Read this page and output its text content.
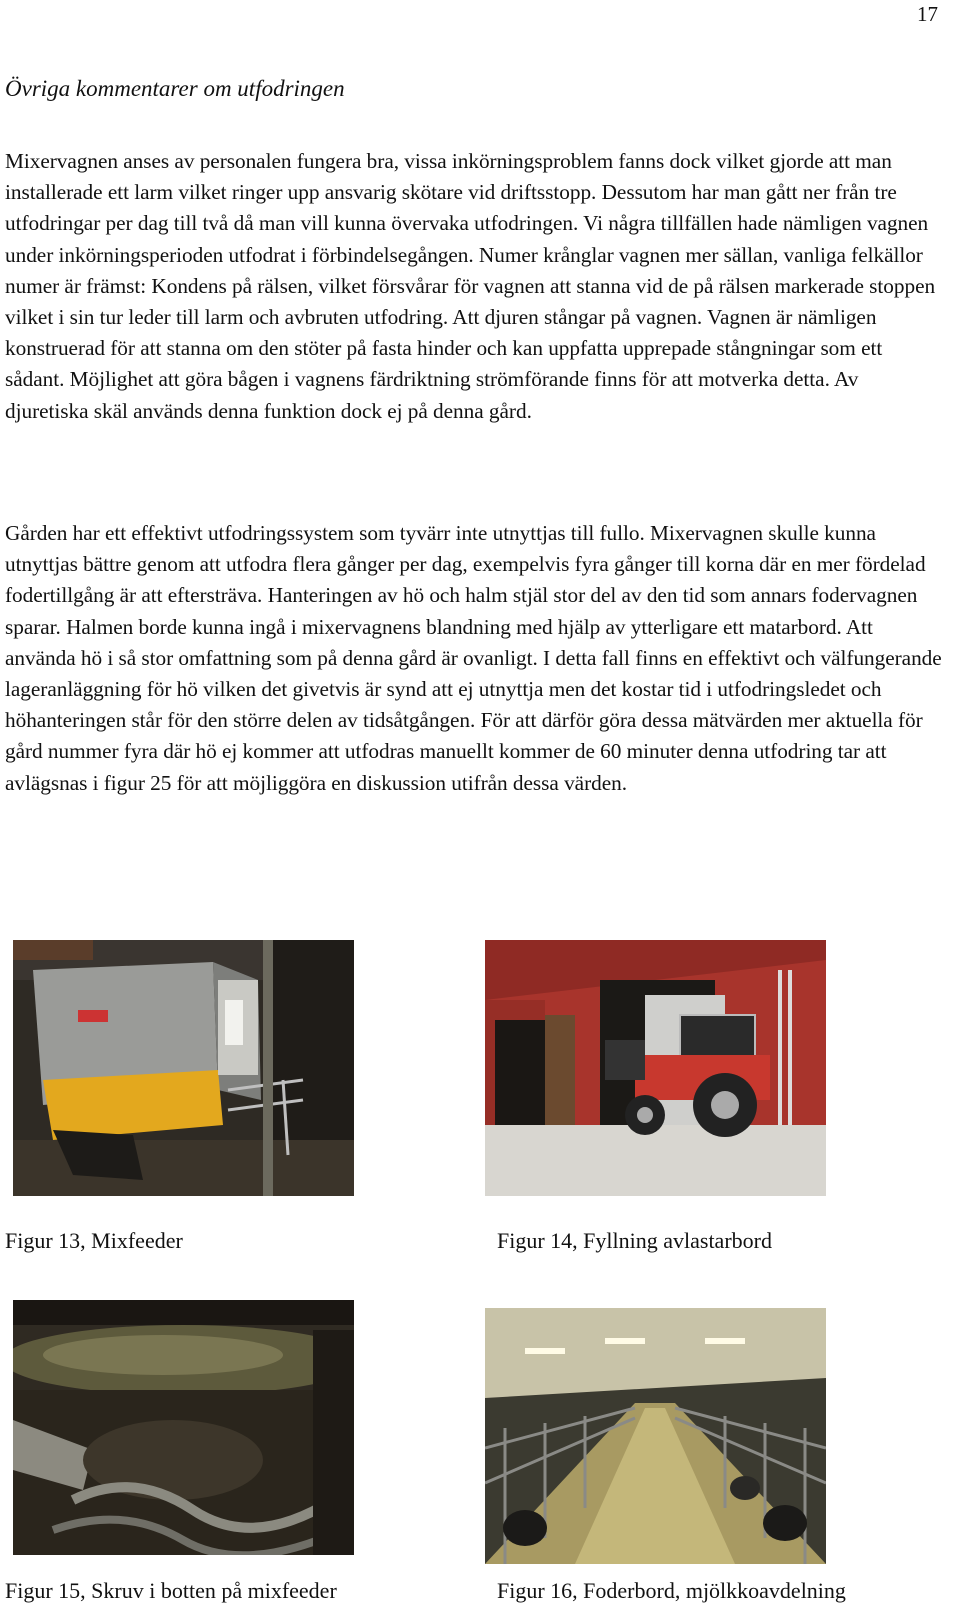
17
Övriga kommentarer om utfodringen

Mixervagnen anses av personalen fungera bra, vissa inkörningsproblem fanns dock vilket gjorde att man installerade ett larm vilket ringer upp ansvarig skötare vid driftsstopp. Dessutom har man gått ner från tre utfodringar per dag till två då man vill kunna övervaka utfodringen. Vi några tillfällen hade nämligen vagnen under inkörningsperioden utfodrat i förbindelsegången. Numer krånglar vagnen mer sällan, vanliga felkällor numer är främst: Kondens på rälsen, vilket försvårar för vagnen att stanna vid de på rälsen markerade stoppen vilket i sin tur leder till larm och avbruten utfodring. Att djuren stångar på vagnen. Vagnen är nämligen konstruerad för att stanna om den stöter på fasta hinder och kan uppfatta upprepade stångningar som ett sådant. Möjlighet att göra bågen i vagnens färdriktning strömförande finns för att motverka detta. Av djuretiska skäl används denna funktion dock ej på denna gård.

Gården har ett effektivt utfodringssystem som tyvärr inte utnyttjas till fullo. Mixervagnen skulle kunna utnyttjas bättre genom att utfodra flera gånger per dag, exempelvis fyra gånger till korna där en mer fördelad fodertillgång är att eftersträva. Hanteringen av hö och halm stjäl stor del av den tid som annars fodervagnen sparar. Halmen borde kunna ingå i mixervagnens blandning med hjälp av ytterligare ett matarbord. Att använda hö i så stor omfattning som på denna gård är ovanligt. I detta fall finns en effektivt och välfungerande lageranläggning för hö vilken det givetvis är synd att ej utnyttja men det kostar tid i utfodringsledet och höhanteringen står för den större delen av tidsåtgången. För att därför göra dessa mätvärden mer aktuella för gård nummer fyra där hö ej kommer att utfodras manuellt kommer de 60 minuter denna utfodring tar att avlägsnas i figur 25 för att möjliggöra en diskussion utifrån dessa värden.

Figur 13, Mixfeeder	Figur 14, Fyllning avlastarbord

Figur 15, Skruv i botten på mixfeeder	Figur 16, Foderbord, mjölkkoavdelning
